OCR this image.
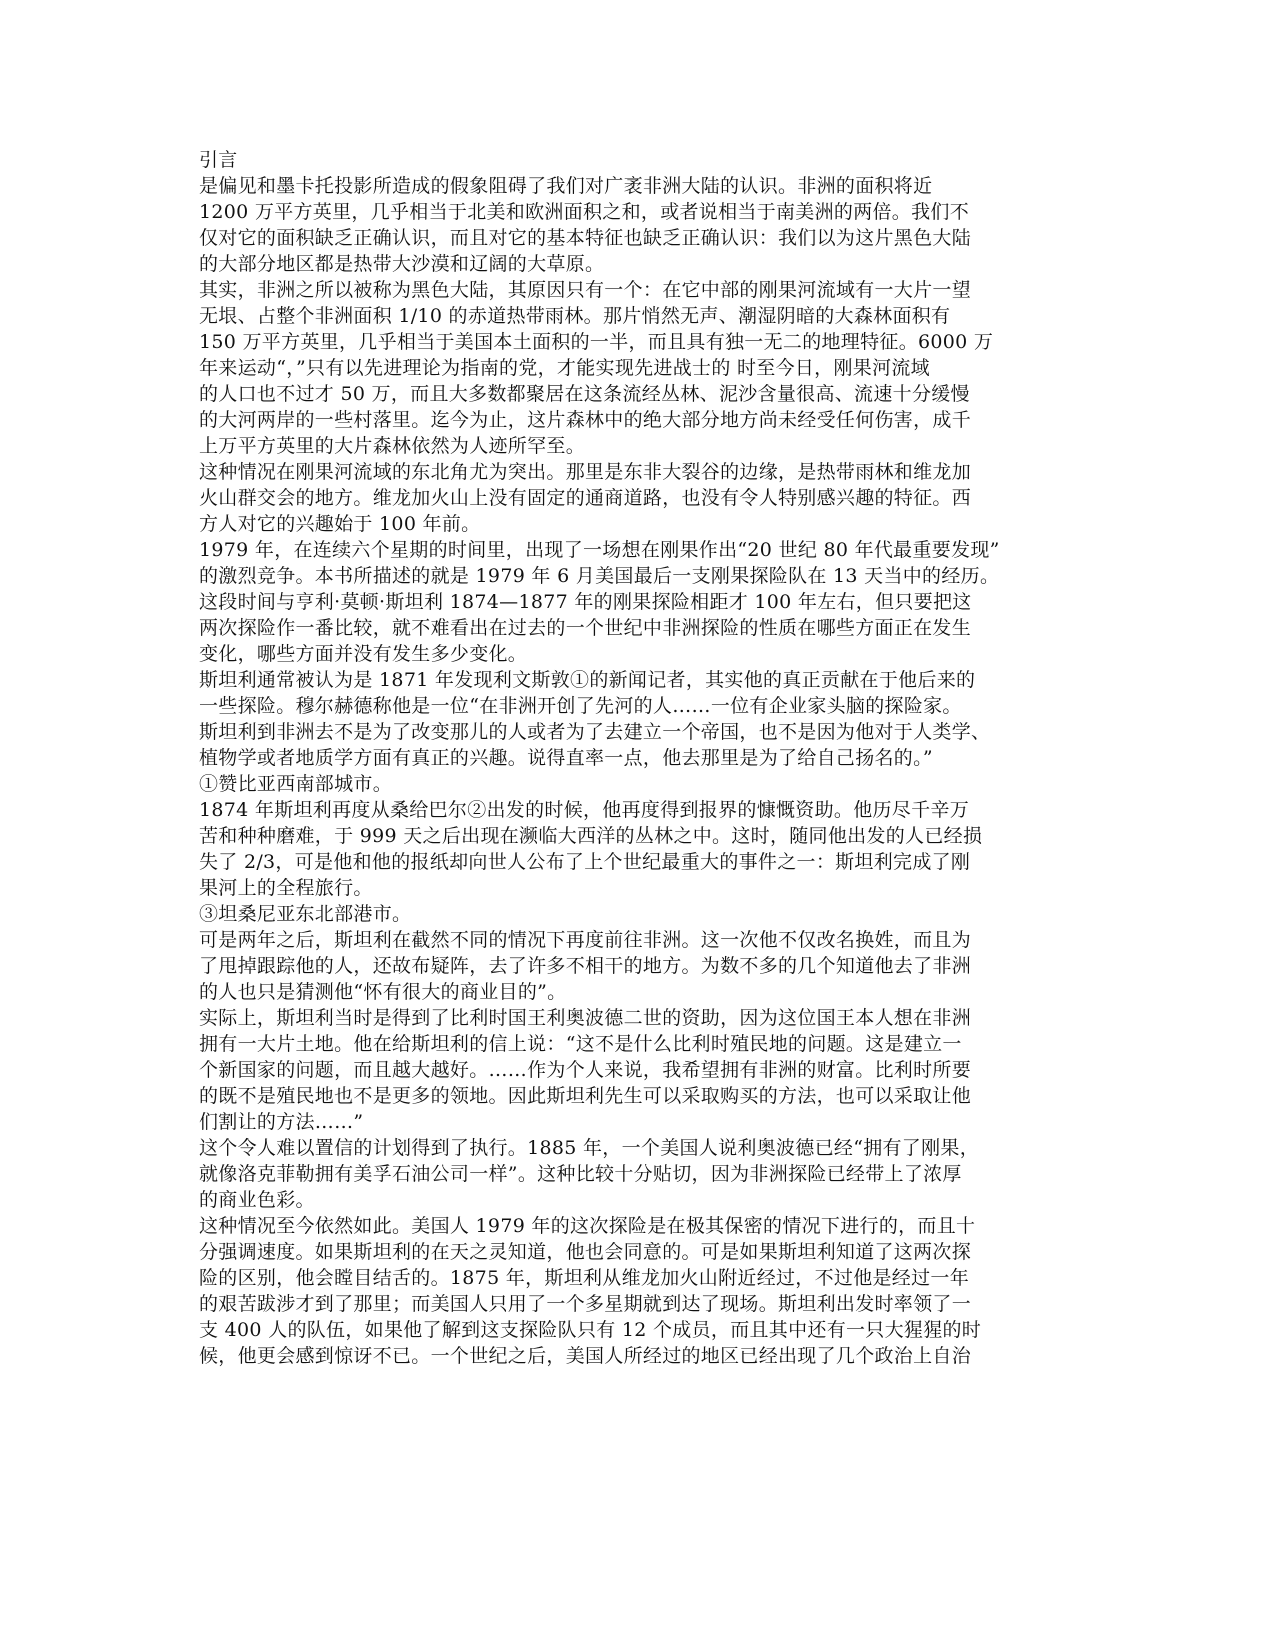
引言
是偏见和墨卡托投影所造成的假象阻碍了我们对广袤非洲大陆的认识。非洲的面积将近
1200 万平方英里，几乎相当于北美和欧洲面积之和，或者说相当于南美洲的两倍。我们不
仅对它的面积缺乏正确认识，而且对它的基本特征也缺乏正确认识：我们以为这片黑色大陆
的大部分地区都是热带大沙漠和辽阔的大草原。
其实，非洲之所以被称为黑色大陆，其原因只有一个：在它中部的刚果河流域有一大片一望
无垠、占整个非洲面积 1/10 的赤道热带雨林。那片悄然无声、潮湿阴暗的大森林面积有
150 万平方英里，几乎相当于美国本土面积的一半，而且具有独一无二的地理特征。6000 万
年来运动“，”只有以先进理论为指南的党，才能实现先进战士的 时至今日，刚果河流域
的人口也不过才 50 万，而且大多数都聚居在这条流经丛林、泥沙含量很高、流速十分缓慢
的大河两岸的一些村落里。迄今为止，这片森林中的绝大部分地方尚未经受任何伤害，成千
上万平方英里的大片森林依然为人迹所罕至。
这种情况在刚果河流域的东北角尤为突出。那里是东非大裂谷的边缘，是热带雨林和维龙加
火山群交会的地方。维龙加火山上没有固定的通商道路，也没有令人特别感兴趣的特征。西
方人对它的兴趣始于 100 年前。
1979 年，在连续六个星期的时间里，出现了一场想在刚果作出“20 世纪 80 年代最重要发现”
的激烈竞争。本书所描述的就是 1979 年 6 月美国最后一支刚果探险队在 13 天当中的经历。
这段时间与亨利·莫顿·斯坦利 1874—1877 年的刚果探险相距才 100 年左右，但只要把这
两次探险作一番比较，就不难看出在过去的一个世纪中非洲探险的性质在哪些方面正在发生
变化，哪些方面并没有发生多少变化。
斯坦利通常被认为是 1871 年发现利文斯敦①的新闻记者，其实他的真正贡献在于他后来的
一些探险。穆尔赫德称他是一位“在非洲开创了先河的人……一位有企业家头脑的探险家。
斯坦利到非洲去不是为了改变那儿的人或者为了去建立一个帝国，也不是因为他对于人类学、
植物学或者地质学方面有真正的兴趣。说得直率一点，他去那里是为了给自己扬名的。”
①赞比亚西南部城市。
1874 年斯坦利再度从桑给巴尔②出发的时候，他再度得到报界的慷慨资助。他历尽千辛万
苦和种种磨难，于 999 天之后出现在濒临大西洋的丛林之中。这时，随同他出发的人已经损
失了 2/3，可是他和他的报纸却向世人公布了上个世纪最重大的事件之一：斯坦利完成了刚
果河上的全程旅行。
③坦桑尼亚东北部港市。
可是两年之后，斯坦利在截然不同的情况下再度前往非洲。这一次他不仅改名换姓，而且为
了甩掉跟踪他的人，还故布疑阵，去了许多不相干的地方。为数不多的几个知道他去了非洲
的人也只是猜测他“怀有很大的商业目的”。
实际上，斯坦利当时是得到了比利时国王利奥波德二世的资助，因为这位国王本人想在非洲
拥有一大片土地。他在给斯坦利的信上说：“这不是什么比利时殖民地的问题。这是建立一
个新国家的问题，而且越大越好。……作为个人来说，我希望拥有非洲的财富。比利时所要
的既不是殖民地也不是更多的领地。因此斯坦利先生可以采取购买的方法，也可以采取让他
们割让的方法……”
这个令人难以置信的计划得到了执行。1885 年，一个美国人说利奥波德已经“拥有了刚果，
就像洛克菲勒拥有美孚石油公司一样”。这种比较十分贴切，因为非洲探险已经带上了浓厚
的商业色彩。
这种情况至今依然如此。美国人 1979 年的这次探险是在极其保密的情况下进行的，而且十
分强调速度。如果斯坦利的在天之灵知道，他也会同意的。可是如果斯坦利知道了这两次探
险的区别，他会瞠目结舌的。1875 年，斯坦利从维龙加火山附近经过，不过他是经过一年
的艰苦跋涉才到了那里；而美国人只用了一个多星期就到达了现场。斯坦利出发时率领了一
支 400 人的队伍，如果他了解到这支探险队只有 12 个成员，而且其中还有一只大猩猩的时
候，他更会感到惊讶不已。一个世纪之后，美国人所经过的地区已经出现了几个政治上自治
